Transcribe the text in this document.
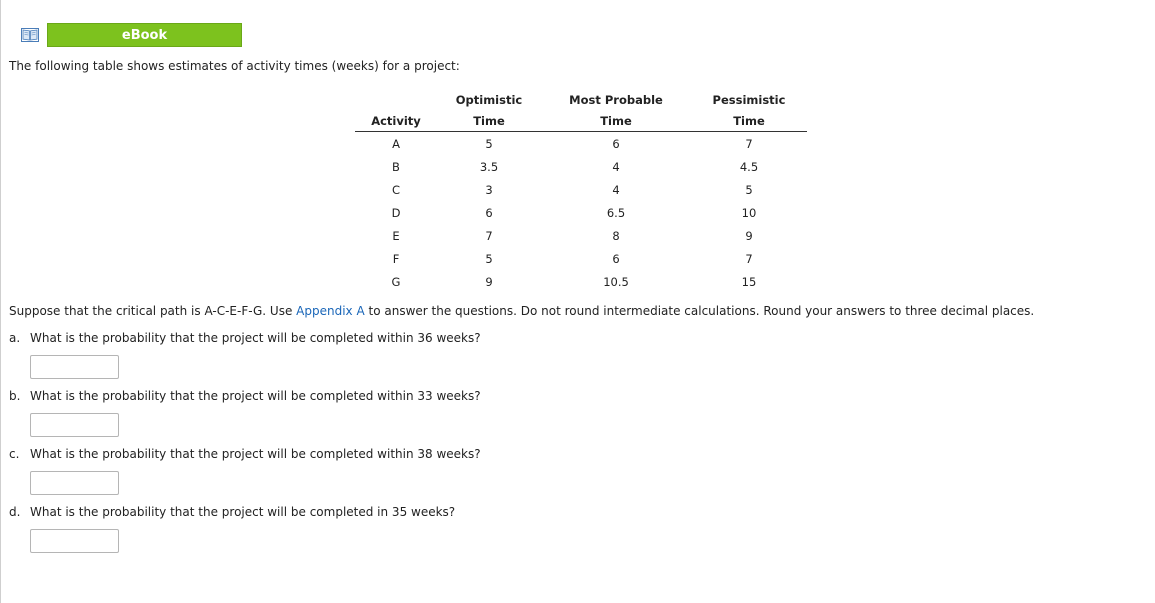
eBook
The following table shows estimates of activity times (weeks) for a project:
	Optimistic	Most Probable	Pessimistic
Activity	Time	Time	Time
A	5	6	7
B	3.5	4	4.5
C	3	4	5
D	6	6.5	10
E	7	8	9
F	5	6	7
G	9	10.5	15
Suppose that the critical path is A-C-E-F-G. Use Appendix A to answer the questions. Do not round intermediate calculations. Round your answers to three decimal places.
a. What is the probability that the project will be completed within 36 weeks?
b. What is the probability that the project will be completed within 33 weeks?
c. What is the probability that the project will be completed within 38 weeks?
d. What is the probability that the project will be completed in 35 weeks?
